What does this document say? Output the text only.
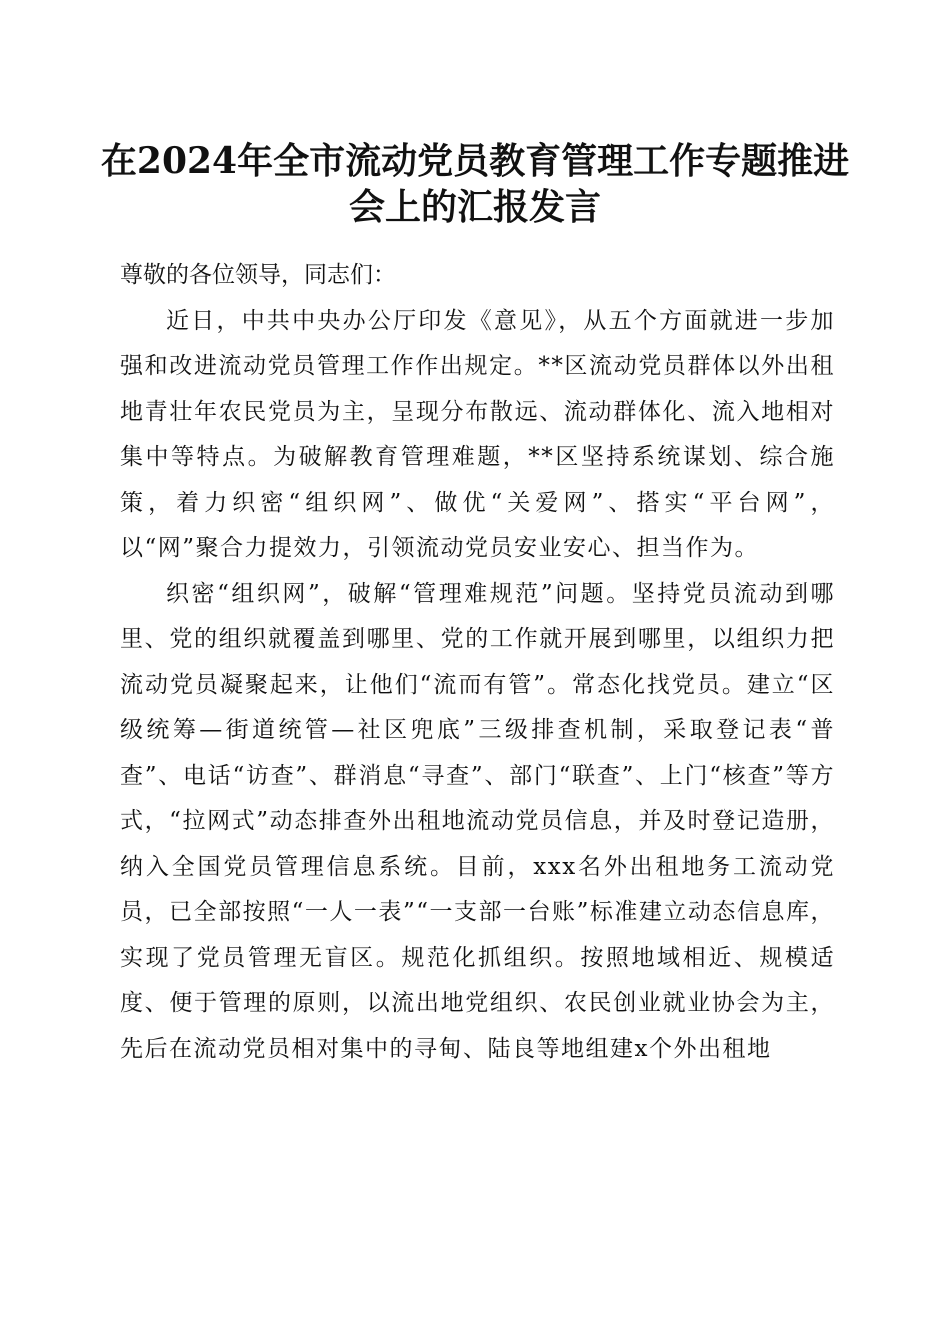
在2024年全市流动党员教育管理工作专题推进会上的汇报发言

尊敬的各位领导，同志们：

近日，中共中央办公厅印发《意见》，从五个方面就进一步加强和改进流动党员管理工作作出规定。**区流动党员群体以外出租地青壮年农民党员为主，呈现分布散远、流动群体化、流入地相对集中等特点。为破解教育管理难题，**区坚持系统谋划、综合施策，着力织密“组织网”、做优“关爱网”、搭实“平台网”，以“网”聚合力提效力，引领流动党员安业安心、担当作为。

织密“组织网”，破解“管理难规范”问题。坚持党员流动到哪里、党的组织就覆盖到哪里、党的工作就开展到哪里，以组织力把流动党员凝聚起来，让他们“流而有管”。常态化找党员。建立“区级统筹—街道统管—社区兜底”三级排查机制，采取登记表“普查”、电话“访查”、群消息“寻查”、部门“联查”、上门“核查”等方式，“拉网式”动态排查外出租地流动党员信息，并及时登记造册，纳入全国党员管理信息系统。目前，xxx名外出租地务工流动党员，已全部按照“一人一表”“一支部一台账”标准建立动态信息库，实现了党员管理无盲区。规范化抓组织。按照地域相近、规模适度、便于管理的原则，以流出地党组织、农民创业就业协会为主，先后在流动党员相对集中的寻甸、陆良等地组建x个外出租地
